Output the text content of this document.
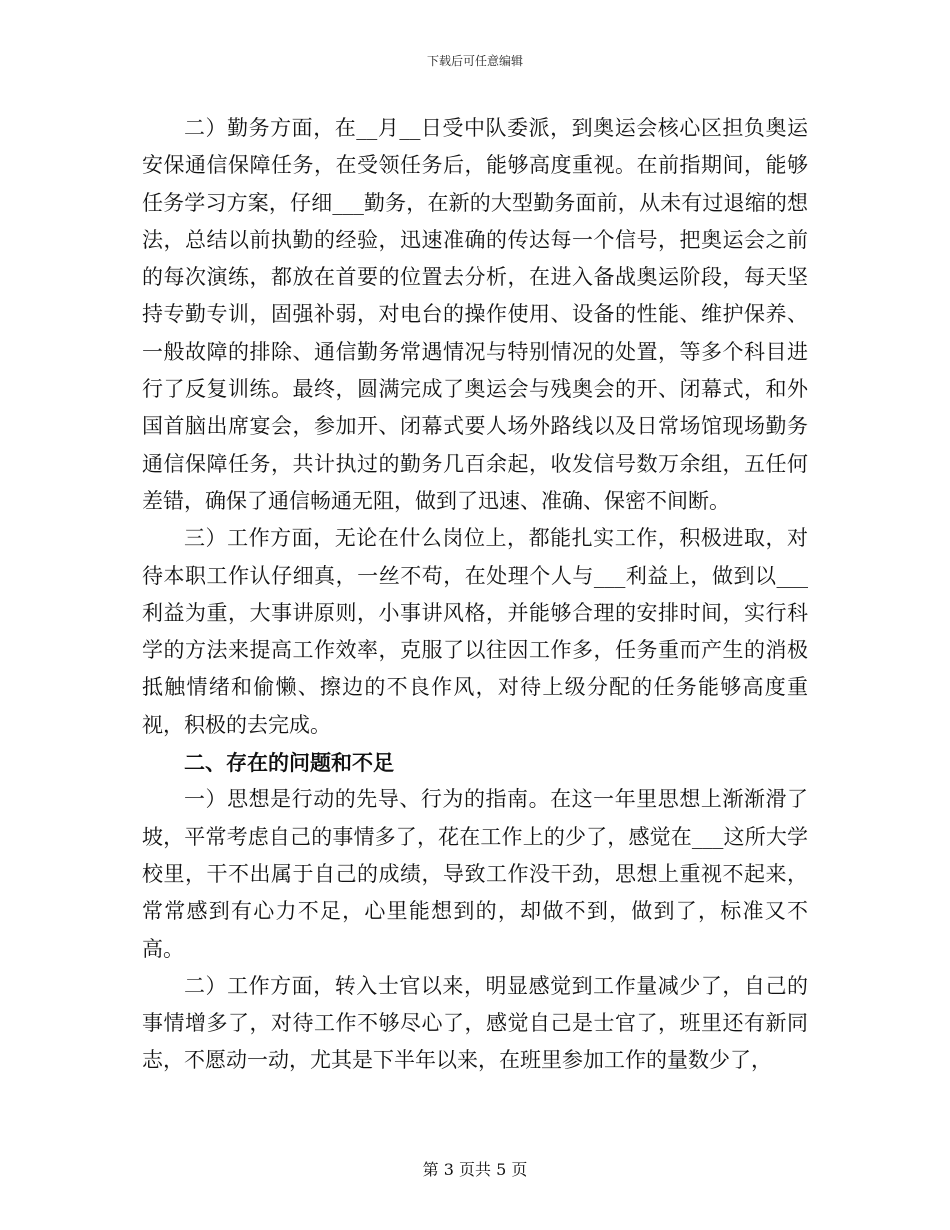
下载后可任意编辑

二）勤务方面，在__月__日受中队委派，到奥运会核心区担负奥运安保通信保障任务，在受领任务后，能够高度重视。在前指期间，能够任务学习方案，仔细___勤务，在新的大型勤务面前，从未有过退缩的想法，总结以前执勤的经验，迅速准确的传达每一个信号，把奥运会之前的每次演练，都放在首要的位置去分析，在进入备战奥运阶段，每天坚持专勤专训，固强补弱，对电台的操作使用、设备的性能、维护保养、一般故障的排除、通信勤务常遇情况与特别情况的处置，等多个科目进行了反复训练。最终，圆满完成了奥运会与残奥会的开、闭幕式，和外国首脑出席宴会，参加开、闭幕式要人场外路线以及日常场馆现场勤务通信保障任务，共计执过的勤务几百余起，收发信号数万余组，五任何差错，确保了通信畅通无阻，做到了迅速、准确、保密不间断。

三）工作方面，无论在什么岗位上，都能扎实工作，积极进取，对待本职工作认仔细真，一丝不苟，在处理个人与___利益上，做到以___利益为重，大事讲原则，小事讲风格，并能够合理的安排时间，实行科学的方法来提高工作效率，克服了以往因工作多，任务重而产生的消极抵触情绪和偷懒、擦边的不良作风，对待上级分配的任务能够高度重视，积极的去完成。

二、存在的问题和不足

一）思想是行动的先导、行为的指南。在这一年里思想上渐渐滑了坡，平常考虑自己的事情多了，花在工作上的少了，感觉在___这所大学校里，干不出属于自己的成绩，导致工作没干劲，思想上重视不起来，常常感到有心力不足，心里能想到的，却做不到，做到了，标准又不高。

二）工作方面，转入士官以来，明显感觉到工作量减少了，自己的事情增多了，对待工作不够尽心了，感觉自己是士官了，班里还有新同志，不愿动一动，尤其是下半年以来，在班里参加工作的量数少了，

第 3 页共 5 页
